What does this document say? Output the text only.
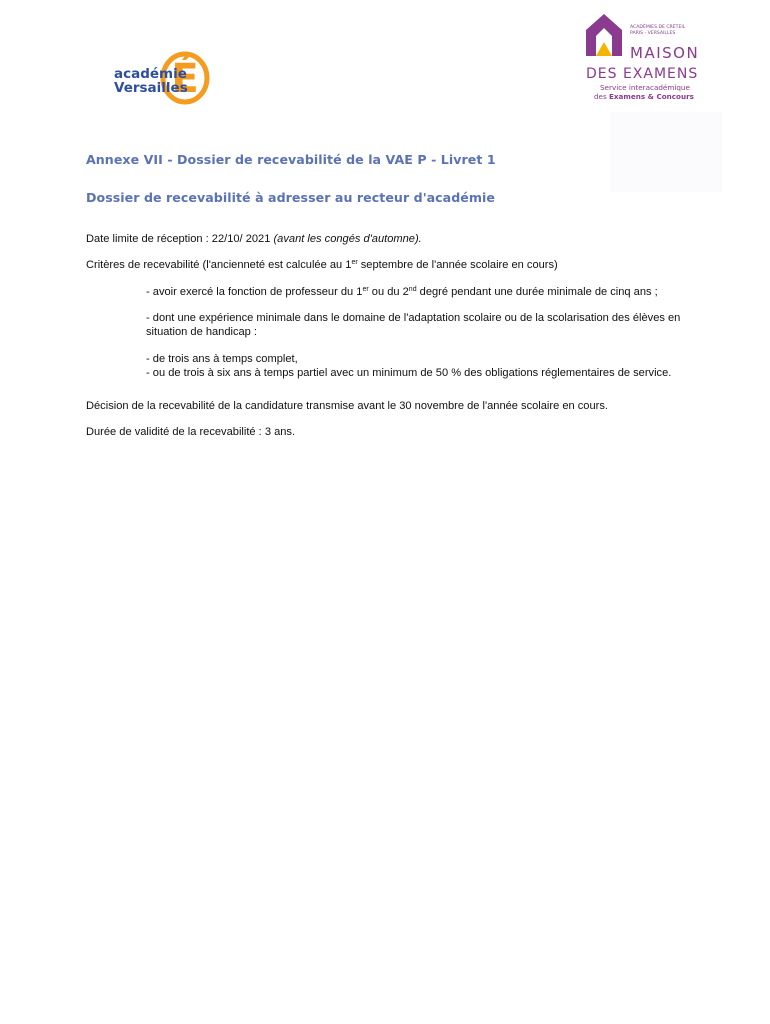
É
académie
Versailles
ACADÉMIES DE CRÉTEIL
PARIS - VERSAILLES
MAISON
DES EXAMENS
Service interacadémique
des Examens & Concours
Annexe VII - Dossier de recevabilité de la VAE P - Livret 1
Dossier de recevabilité à adresser au recteur d'académie
Date limite de réception : 22/10/ 2021 (avant les congés d'automne).
Critères de recevabilité (l'ancienneté est calculée au 1er septembre de l'année scolaire en cours)
- avoir exercé la fonction de professeur du 1er ou du 2nd degré pendant une durée minimale de cinq ans ;
- dont une expérience minimale dans le domaine de l'adaptation scolaire ou de la scolarisation des élèves en
situation de handicap :
- de trois ans à temps complet,
- ou de trois à six ans à temps partiel avec un minimum de 50 % des obligations réglementaires de service.
Décision de la recevabilité de la candidature transmise avant le 30 novembre de l'année scolaire en cours.
Durée de validité de la recevabilité : 3 ans.
